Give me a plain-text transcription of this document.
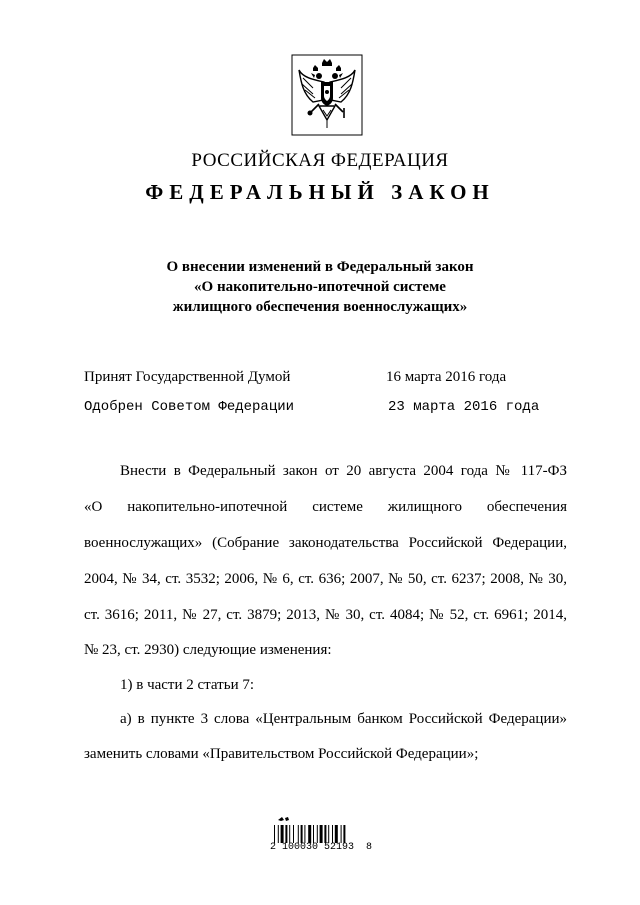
РОССИЙСКАЯ ФЕДЕРАЦИЯ
ФЕДЕРАЛЬНЫЙ ЗАКОН
О внесении изменений в Федеральный закон
«О накопительно-ипотечной системе
жилищного обеспечения военнослужащих»
Принят Государственной Думой	16 марта 2016 года
Одобрен Советом Федерации	23 марта 2016 года
Внести в Федеральный закон от 20 августа 2004 года № 117-ФЗ
«О накопительно-ипотечной системе жилищного обеспечения
военнослужащих» (Собрание законодательства Российской Федерации,
2004, № 34, ст. 3532; 2006, № 6, ст. 636; 2007, № 50, ст. 6237; 2008, № 30,
ст. 3616; 2011, № 27, ст. 3879; 2013, № 30, ст. 4084; № 52, ст. 6961; 2014,
№ 23, ст. 2930) следующие изменения:
1) в части 2 статьи 7:
а) в пункте 3 слова «Центральным банком Российской Федерации»
заменить словами «Правительством Российской Федерации»;
2 100030 52193  8
